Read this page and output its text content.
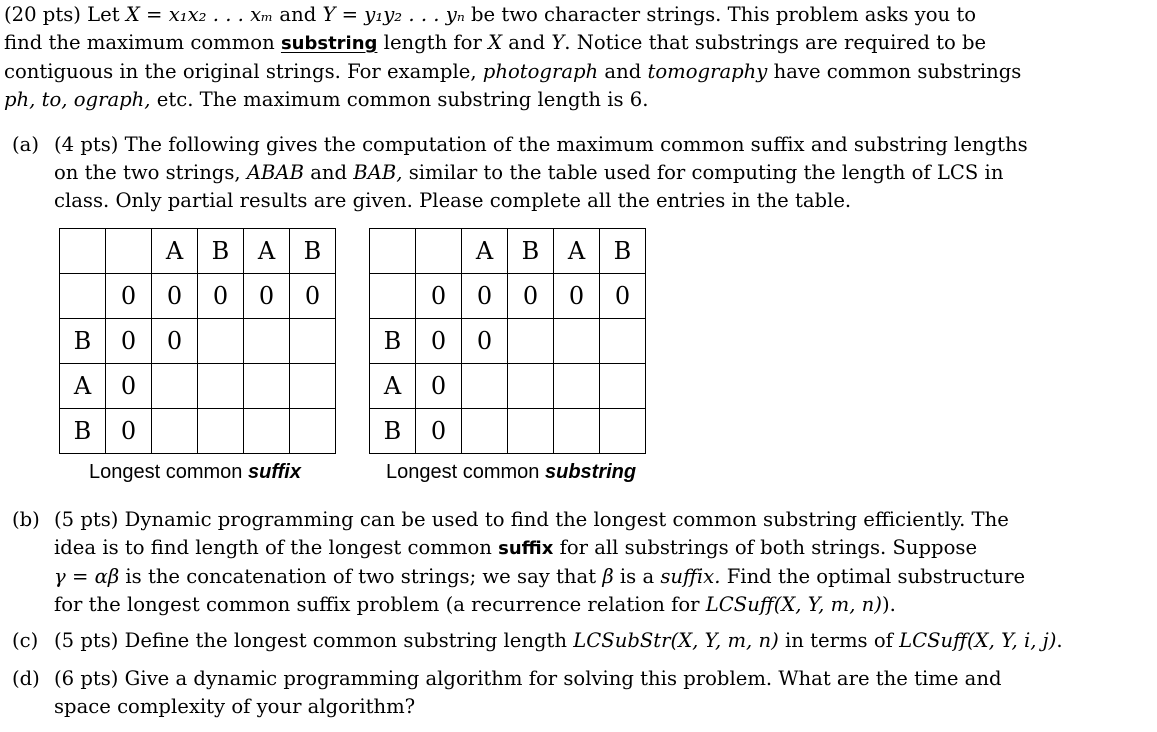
(20 pts) Let X = x₁x₂ . . . xₘ and Y = y₁y₂ . . . yₙ be two character strings. This problem asks you to
find the maximum common substring length for X and Y. Notice that substrings are required to be
contiguous in the original strings. For example, photograph and tomography have common substrings
ph, to, ograph, etc. The maximum common substring length is 6.
(a) (4 pts) The following gives the computation of the maximum common suffix and substring lengths
on the two strings, ABAB and BAB, similar to the table used for computing the length of LCS in
class. Only partial results are given. Please complete all the entries in the table.
		A	B	A	B
	0	0	0	0	0
B	0	0			
A	0				
B	0				
Longest common suffix
		A	B	A	B
	0	0	0	0	0
B	0	0			
A	0				
B	0				
Longest common substring
(b) (5 pts) Dynamic programming can be used to find the longest common substring efficiently. The
idea is to find length of the longest common suffix for all substrings of both strings. Suppose
γ = αβ is the concatenation of two strings; we say that β is a suffix. Find the optimal substructure
for the longest common suffix problem (a recurrence relation for LCSuff(X, Y, m, n)).
(c) (5 pts) Define the longest common substring length LCSubStr(X, Y, m, n) in terms of LCSuff(X, Y, i, j).
(d) (6 pts) Give a dynamic programming algorithm for solving this problem. What are the time and
space complexity of your algorithm?
